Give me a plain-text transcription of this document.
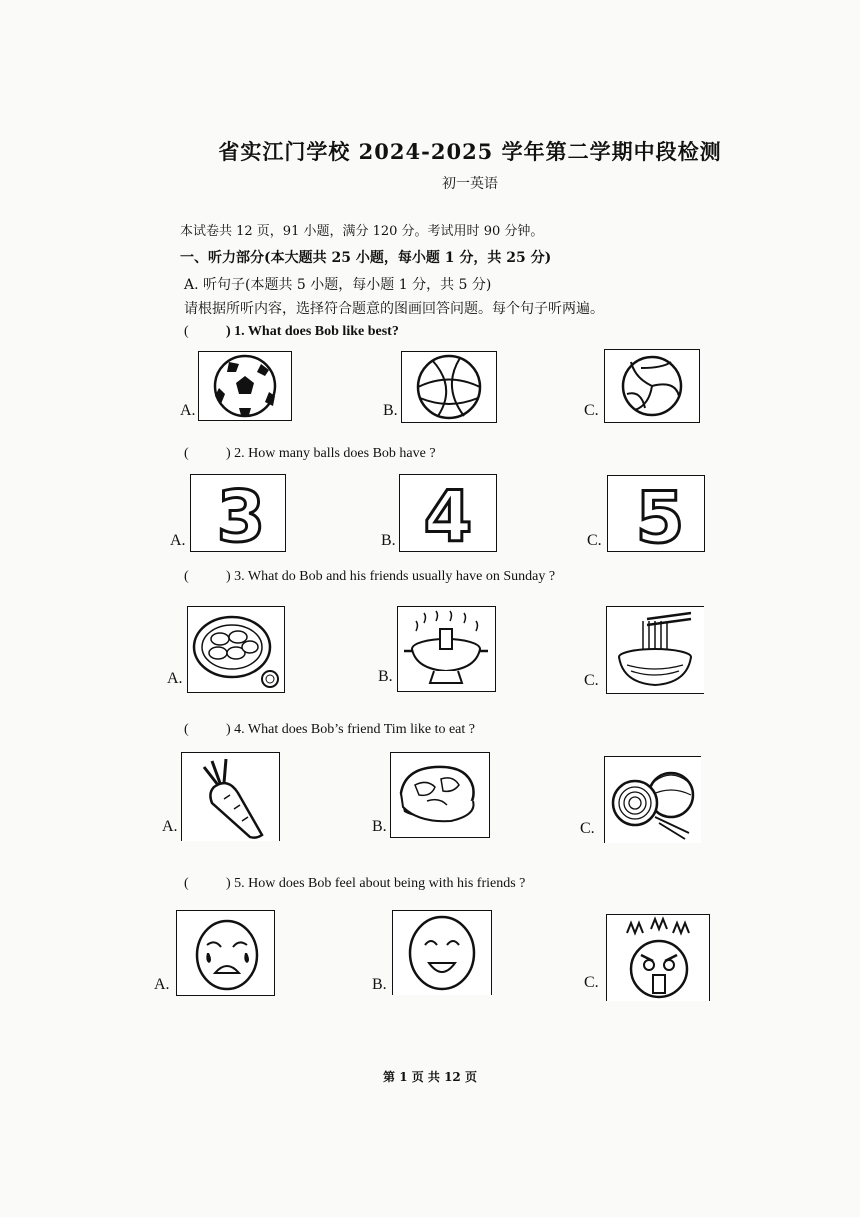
省实江门学校 2024-2025 学年第二学期中段检测
初一英语
本试卷共 12 页，91 小题，满分 120 分。考试用时 90 分钟。
一、听力部分(本大题共 25 小题，每小题 1 分，共 25 分)
A. 听句子(本题共 5 小题，每小题 1 分，共 5 分)
请根据所听内容，选择符合题意的图画回答问题。每个句子听两遍。
(	) 1. What does Bob like best?
A.	B.	C.
(	) 2. How many balls does Bob have ?
A. 3	B. 4	C. 5
(	) 3. What do Bob and his friends usually have on Sunday ?
A.	B.	C.
(	) 4. What does Bob’s friend Tim like to eat ?
A.	B.	C.
(	) 5. How does Bob feel about being with his friends ?
A.	B.	C.
第 1 页 共 12 页
